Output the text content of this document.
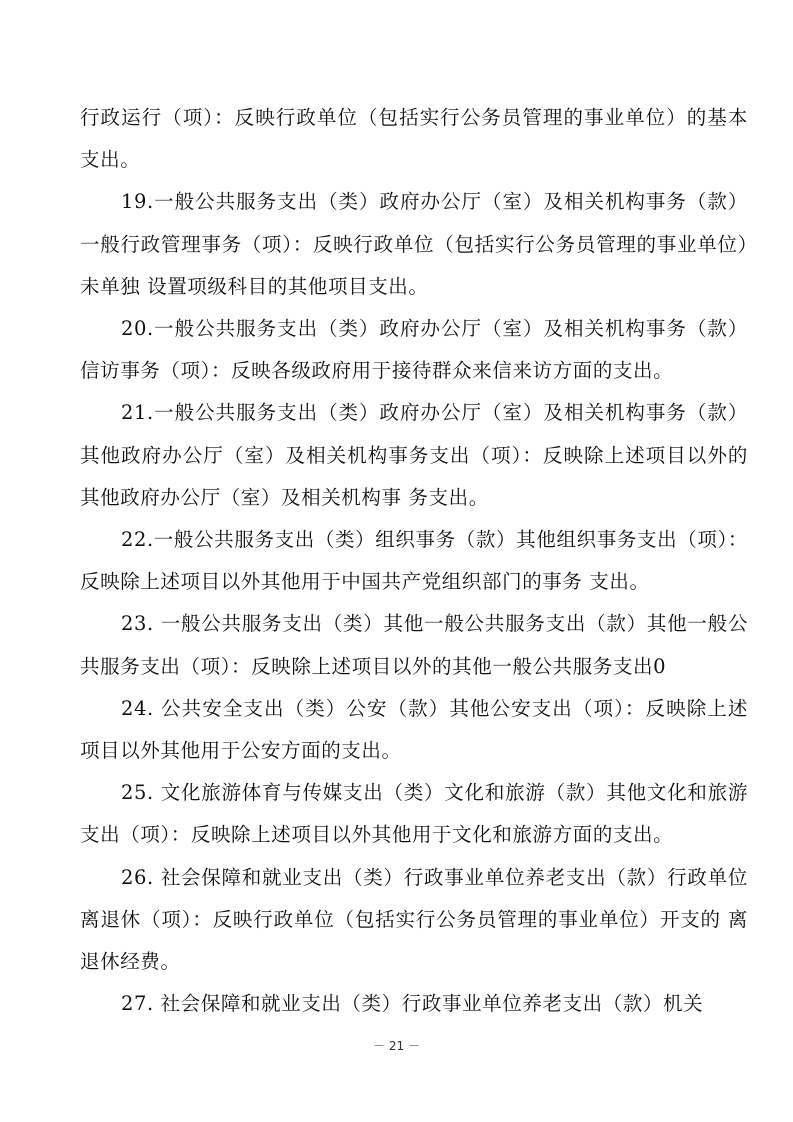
行政运行（项）：反映行政单位（包括实行公务员管理的事业单位）的基本 支出。

19.一般公共服务支出（类）政府办公厅（室）及相关机构事务（款）一般行政管理事务（项）：反映行政单位（包括实行公务员管理的事业单位）未单独 设置项级科目的其他项目支出。

20.一般公共服务支出（类）政府办公厅（室）及相关机构事务（款）信访事务（项）：反映各级政府用于接待群众来信来访方面的支出。

21.一般公共服务支出（类）政府办公厅（室）及相关机构事务（款）其他政府办公厅（室）及相关机构事务支出（项）：反映除上述项目以外的其他政府办公厅（室）及相关机构事 务支出。

22.一般公共服务支出（类）组织事务（款）其他组织事务支出（项）：反映除上述项目以外其他用于中国共产党组织部门的事务 支出。

23. 一般公共服务支出（类）其他一般公共服务支出（款）其他一般公共服务支出（项）：反映除上述项目以外的其他一般公共服务支出0

24. 公共安全支出（类）公安（款）其他公安支出（项）：反映除上述项目以外其他用于公安方面的支出。

25. 文化旅游体育与传媒支出（类）文化和旅游（款）其他文化和旅游支出（项）：反映除上述项目以外其他用于文化和旅游方面的支出。

26. 社会保障和就业支出（类）行政事业单位养老支出（款）行政单位离退休（项）：反映行政单位（包括实行公务员管理的事业单位）开支的 离退休经费。

27. 社会保障和就业支出（类）行政事业单位养老支出（款）机关

－ 21 －
